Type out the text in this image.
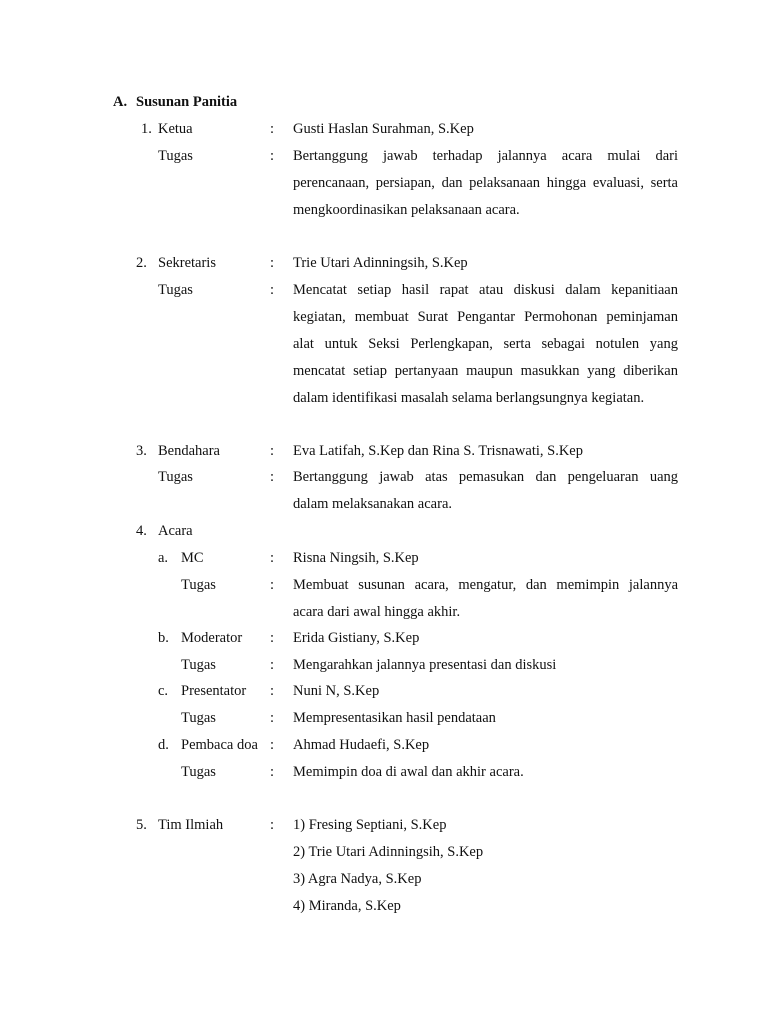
A. Susunan Panitia
1. Ketua	: Gusti Haslan Surahman, S.Kep
Tugas	: Bertanggung jawab terhadap jalannya acara mulai dari
perencanaan, persiapan, dan pelaksanaan hingga evaluasi, serta
mengkoordinasikan pelaksanaan acara.
2. Sekretaris	: Trie Utari Adinningsih, S.Kep
Tugas	: Mencatat setiap hasil rapat atau diskusi dalam kepanitiaan
kegiatan, membuat Surat Pengantar Permohonan peminjaman
alat untuk Seksi Perlengkapan, serta sebagai notulen yang
mencatat setiap pertanyaan maupun masukkan yang diberikan
dalam identifikasi masalah selama berlangsungnya kegiatan.
3. Bendahara	: Eva Latifah, S.Kep dan Rina S. Trisnawati, S.Kep
Tugas	: Bertanggung jawab atas pemasukan dan pengeluaran uang
dalam melaksanakan acara.
4. Acara
a. MC	: Risna Ningsih, S.Kep
Tugas	: Membuat susunan acara, mengatur, dan memimpin jalannya
acara dari awal hingga akhir.
b. Moderator : Erida Gistiany, S.Kep
Tugas	: Mengarahkan jalannya presentasi dan diskusi
c. Presentator : Nuni N, S.Kep
Tugas	: Mempresentasikan hasil pendataan
d. Pembaca doa : Ahmad Hudaefi, S.Kep
Tugas	: Memimpin doa di awal dan akhir acara.
5. Tim Ilmiah	: 1) Fresing Septiani, S.Kep
2) Trie Utari Adinningsih, S.Kep
3) Agra Nadya, S.Kep
4) Miranda, S.Kep
